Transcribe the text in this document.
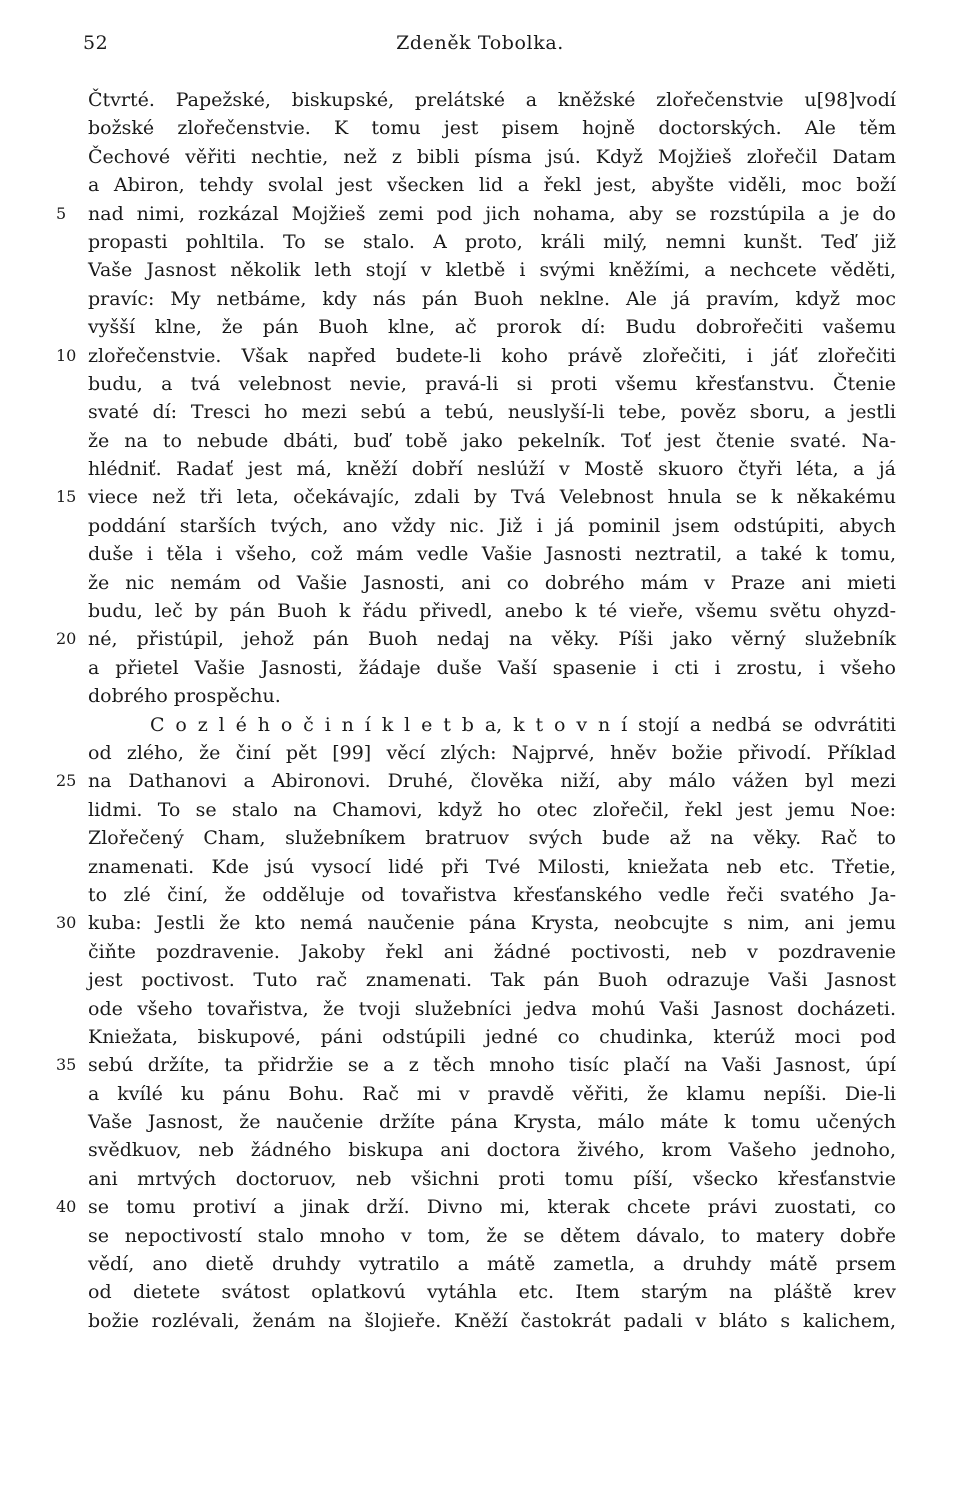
52	Zdeněk Tobolka.
Čtvrté. Papežské, biskupské, prelátské a kněžské zlořečenstvie u[98]vodí
božské zlořečenstvie. K tomu jest pisem hojně doctorských. Ale těm
Čechové věřiti nechtie, než z bibli písma jsú. Když Mojžieš zlořečil Datam
a Abiron, tehdy svolal jest všecken lid a řekl jest, abyšte viděli, moc boží
nad nimi, rozkázal Mojžieš zemi pod jich nohama, aby se rozstúpila a je do
5
propasti pohltila. To se stalo. A proto, králi milý, nemni kunšt. Teď již
Vaše Jasnost několik leth stojí v kletbě i svými kněžími, a nechcete věděti,
pravíc: My netbáme, kdy nás pán Buoh neklne. Ale já pravím, když moc
vyšší klne, že pán Buoh klne, ač prorok dí: Budu dobrořečiti vašemu
zlořečenstvie. Však napřed budete-li koho právě zlořečiti, i jáť zlořečiti
10
budu, a tvá velebnost nevie, pravá-li si proti všemu křesťanstvu. Čtenie
svaté dí: Tresci ho mezi sebú a tebú, neuslyší-li tebe, pověz sboru, a jestli
že na to nebude dbáti, buď tobě jako pekelník. Toť jest čtenie svaté. Na-
hlédniť. Radať jest má, kněží dobří neslúží v Mostě skuoro čtyři léta, a já
viece než tři leta, očekávajíc, zdali by Tvá Velebnost hnula se k někakému
15
poddání starších tvých, ano vždy nic. Již i já pominil jsem odstúpiti, abych
duše i těla i všeho, což mám vedle Vašie Jasnosti neztratil, a také k tomu,
že nic nemám od Vašie Jasnosti, ani co dobrého mám v Praze ani mieti
budu, leč by pán Buoh k řádu přivedl, anebo k té vieře, všemu světu ohyzd-
né, přistúpil, jehož pán Buoh nedaj na věky. Píši jako věrný služebník
20
a přietel Vašie Jasnosti, žádaje duše Vaší spasenie i cti i zrostu, i všeho
dobrého prospěchu.
C o z l é h o č i n í k l e t b a, k t o v n í stojí a nedbá se odvrátiti
od zlého, že činí pět [99] věcí zlých: Najprvé, hněv božie přivodí. Příklad
na Dathanovi a Abironovi. Druhé, člověka niží, aby málo vážen byl mezi
25
lidmi. To se stalo na Chamovi, když ho otec zlořečil, řekl jest jemu Noe:
Zlořečený Cham, služebníkem bratruov svých bude až na věky. Rač to
znamenati. Kde jsú vysocí lidé při Tvé Milosti, kniežata neb etc. Třetie,
to zlé činí, že odděluje od tovařistva křesťanského vedle řeči svatého Ja-
kuba: Jestli že kto nemá naučenie pána Krysta, neobcujte s nim, ani jemu
30
čiňte pozdravenie. Jakoby řekl ani žádné poctivosti, neb v pozdravenie
jest poctivost. Tuto rač znamenati. Tak pán Buoh odrazuje Vaši Jasnost
ode všeho tovařistva, že tvoji služebníci jedva mohú Vaši Jasnost docházeti.
Kniežata, biskupové, páni odstúpili jedné co chudinka, kterúž moci pod
sebú držíte, ta přidržie se a z těch mnoho tisíc plačí na Vaši Jasnost, úpí
35
a kvílé ku pánu Bohu. Rač mi v pravdě věřiti, že klamu nepíši. Die-li
Vaše Jasnost, že naučenie držíte pána Krysta, málo máte k tomu učených
svědkuov, neb žádného biskupa ani doctora živého, krom Vašeho jednoho,
ani mrtvých doctoruov, neb všichni proti tomu píší, všecko křesťanstvie
se tomu protiví a jinak drží. Divno mi, kterak chcete právi zuostati, co
40
se nepoctivostí stalo mnoho v tom, že se dětem dávalo, to matery dobře
vědí, ano dietě druhdy vytratilo a mátě zametla, a druhdy mátě prsem
od dietete svátost oplatkovú vytáhla etc. Item starým na pláště krev
božie rozlévali, ženám na šlojieře. Kněží častokrát padali v bláto s kalichem,
